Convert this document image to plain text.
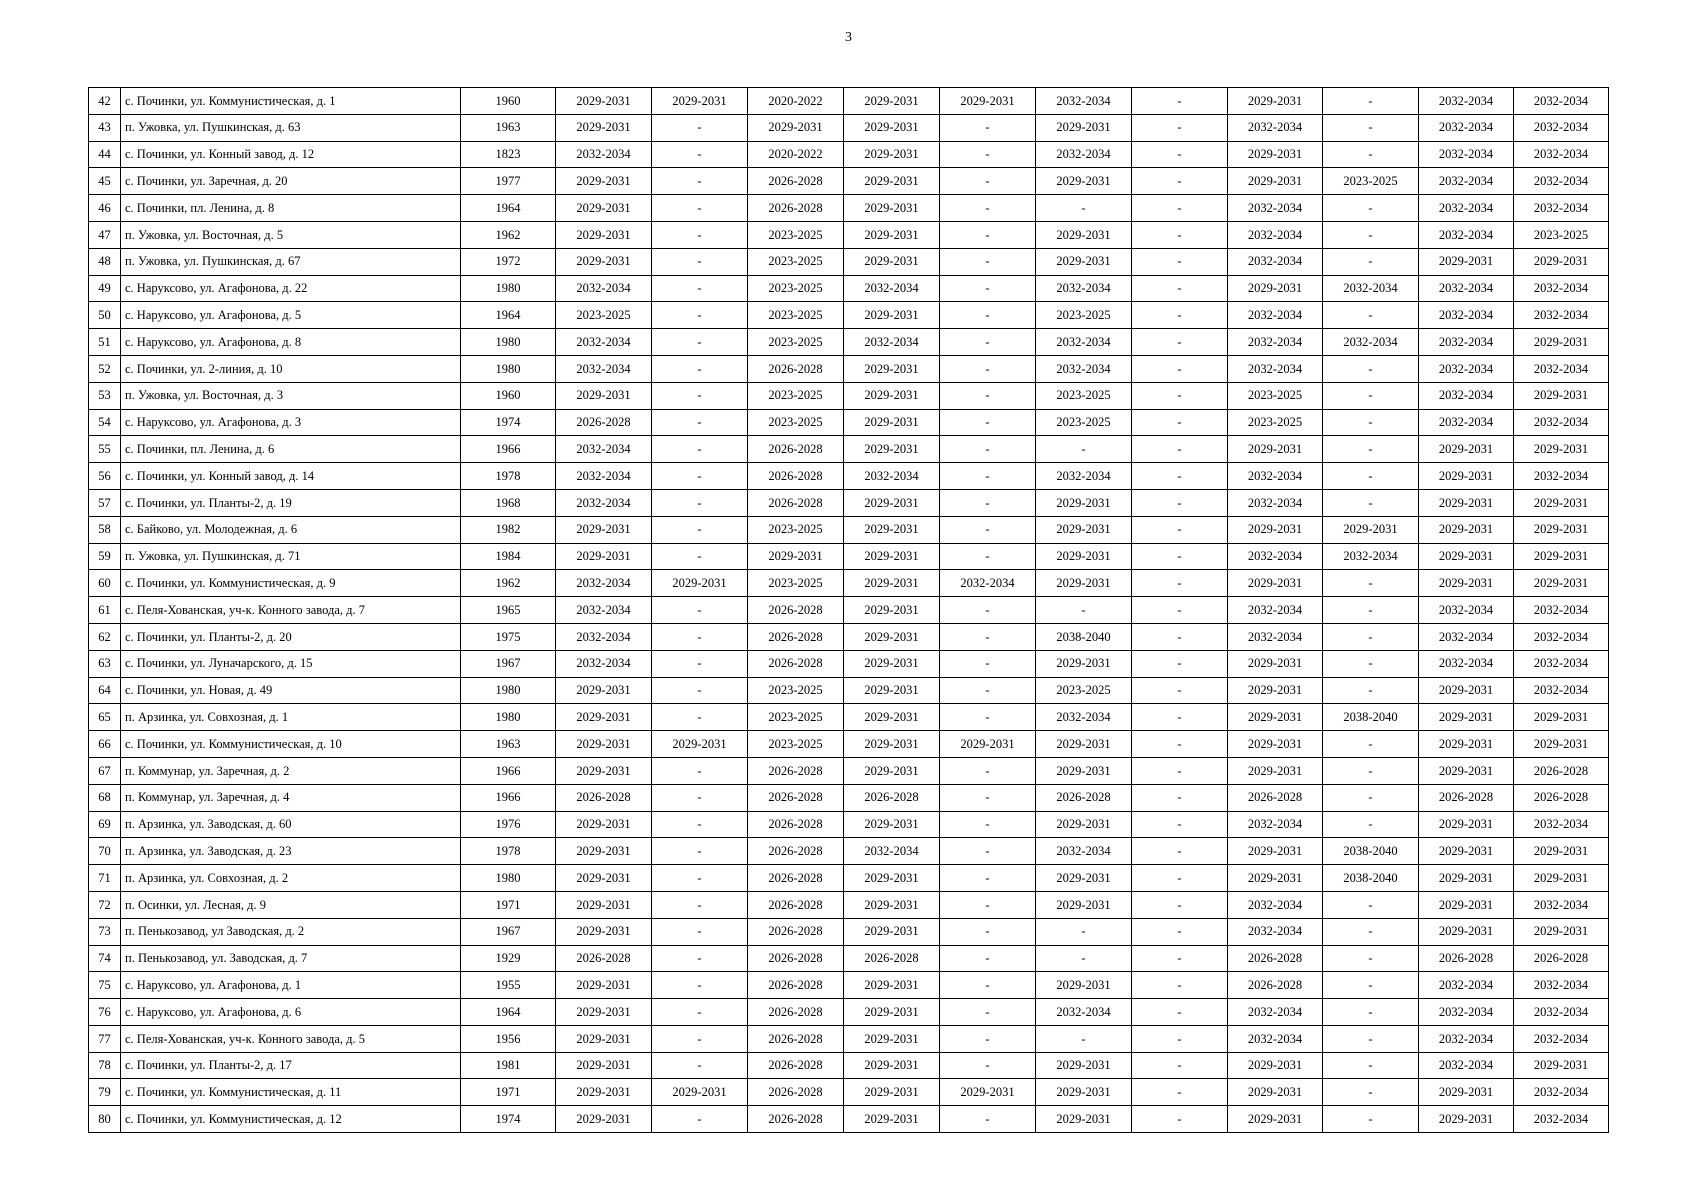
3
42	с. Починки, ул. Коммунистическая, д. 1	1960	2029-2031	2029-2031	2020-2022	2029-2031	2029-2031	2032-2034	-	2029-2031	-	2032-2034	2032-2034
43	п. Ужовка, ул. Пушкинская, д. 63	1963	2029-2031	-	2029-2031	2029-2031	-	2029-2031	-	2032-2034	-	2032-2034	2032-2034
44	с. Починки, ул. Конный завод, д. 12	1823	2032-2034	-	2020-2022	2029-2031	-	2032-2034	-	2029-2031	-	2032-2034	2032-2034
45	с. Починки, ул. Заречная, д. 20	1977	2029-2031	-	2026-2028	2029-2031	-	2029-2031	-	2029-2031	2023-2025	2032-2034	2032-2034
46	с. Починки, пл. Ленина, д. 8	1964	2029-2031	-	2026-2028	2029-2031	-	-	-	2032-2034	-	2032-2034	2032-2034
47	п. Ужовка, ул. Восточная, д. 5	1962	2029-2031	-	2023-2025	2029-2031	-	2029-2031	-	2032-2034	-	2032-2034	2023-2025
48	п. Ужовка, ул. Пушкинская, д. 67	1972	2029-2031	-	2023-2025	2029-2031	-	2029-2031	-	2032-2034	-	2029-2031	2029-2031
49	с. Наруксово, ул. Агафонова, д. 22	1980	2032-2034	-	2023-2025	2032-2034	-	2032-2034	-	2029-2031	2032-2034	2032-2034	2032-2034
50	с. Наруксово, ул. Агафонова, д. 5	1964	2023-2025	-	2023-2025	2029-2031	-	2023-2025	-	2032-2034	-	2032-2034	2032-2034
51	с. Наруксово, ул. Агафонова, д. 8	1980	2032-2034	-	2023-2025	2032-2034	-	2032-2034	-	2032-2034	2032-2034	2032-2034	2029-2031
52	с. Починки, ул. 2-линия, д. 10	1980	2032-2034	-	2026-2028	2029-2031	-	2032-2034	-	2032-2034	-	2032-2034	2032-2034
53	п. Ужовка, ул. Восточная, д. 3	1960	2029-2031	-	2023-2025	2029-2031	-	2023-2025	-	2023-2025	-	2032-2034	2029-2031
54	с. Наруксово, ул. Агафонова, д. 3	1974	2026-2028	-	2023-2025	2029-2031	-	2023-2025	-	2023-2025	-	2032-2034	2032-2034
55	с. Починки, пл. Ленина, д. 6	1966	2032-2034	-	2026-2028	2029-2031	-	-	-	2029-2031	-	2029-2031	2029-2031
56	с. Починки, ул. Конный завод, д. 14	1978	2032-2034	-	2026-2028	2032-2034	-	2032-2034	-	2032-2034	-	2029-2031	2032-2034
57	с. Починки, ул. Планты-2, д. 19	1968	2032-2034	-	2026-2028	2029-2031	-	2029-2031	-	2032-2034	-	2029-2031	2029-2031
58	с. Байково, ул. Молодежная, д. 6	1982	2029-2031	-	2023-2025	2029-2031	-	2029-2031	-	2029-2031	2029-2031	2029-2031	2029-2031
59	п. Ужовка, ул. Пушкинская, д. 71	1984	2029-2031	-	2029-2031	2029-2031	-	2029-2031	-	2032-2034	2032-2034	2029-2031	2029-2031
60	с. Починки, ул. Коммунистическая, д. 9	1962	2032-2034	2029-2031	2023-2025	2029-2031	2032-2034	2029-2031	-	2029-2031	-	2029-2031	2029-2031
61	с. Пеля-Хованская, уч-к. Конного завода, д. 7	1965	2032-2034	-	2026-2028	2029-2031	-	-	-	2032-2034	-	2032-2034	2032-2034
62	с. Починки, ул. Планты-2, д. 20	1975	2032-2034	-	2026-2028	2029-2031	-	2038-2040	-	2032-2034	-	2032-2034	2032-2034
63	с. Починки, ул. Луначарского, д. 15	1967	2032-2034	-	2026-2028	2029-2031	-	2029-2031	-	2029-2031	-	2032-2034	2032-2034
64	с. Починки, ул. Новая, д. 49	1980	2029-2031	-	2023-2025	2029-2031	-	2023-2025	-	2029-2031	-	2029-2031	2032-2034
65	п. Арзинка, ул. Совхозная, д. 1	1980	2029-2031	-	2023-2025	2029-2031	-	2032-2034	-	2029-2031	2038-2040	2029-2031	2029-2031
66	с. Починки, ул. Коммунистическая, д. 10	1963	2029-2031	2029-2031	2023-2025	2029-2031	2029-2031	2029-2031	-	2029-2031	-	2029-2031	2029-2031
67	п. Коммунар, ул. Заречная, д. 2	1966	2029-2031	-	2026-2028	2029-2031	-	2029-2031	-	2029-2031	-	2029-2031	2026-2028
68	п. Коммунар, ул. Заречная, д. 4	1966	2026-2028	-	2026-2028	2026-2028	-	2026-2028	-	2026-2028	-	2026-2028	2026-2028
69	п. Арзинка, ул. Заводская, д. 60	1976	2029-2031	-	2026-2028	2029-2031	-	2029-2031	-	2032-2034	-	2029-2031	2032-2034
70	п. Арзинка, ул. Заводская, д. 23	1978	2029-2031	-	2026-2028	2032-2034	-	2032-2034	-	2029-2031	2038-2040	2029-2031	2029-2031
71	п. Арзинка, ул. Совхозная, д. 2	1980	2029-2031	-	2026-2028	2029-2031	-	2029-2031	-	2029-2031	2038-2040	2029-2031	2029-2031
72	п. Осинки, ул. Лесная, д. 9	1971	2029-2031	-	2026-2028	2029-2031	-	2029-2031	-	2032-2034	-	2029-2031	2032-2034
73	п. Пенькозавод, ул Заводская, д. 2	1967	2029-2031	-	2026-2028	2029-2031	-	-	-	2032-2034	-	2029-2031	2029-2031
74	п. Пенькозавод, ул. Заводская, д. 7	1929	2026-2028	-	2026-2028	2026-2028	-	-	-	2026-2028	-	2026-2028	2026-2028
75	с. Наруксово, ул. Агафонова, д. 1	1955	2029-2031	-	2026-2028	2029-2031	-	2029-2031	-	2026-2028	-	2032-2034	2032-2034
76	с. Наруксово, ул. Агафонова, д. 6	1964	2029-2031	-	2026-2028	2029-2031	-	2032-2034	-	2032-2034	-	2032-2034	2032-2034
77	с. Пеля-Хованская, уч-к. Конного завода, д. 5	1956	2029-2031	-	2026-2028	2029-2031	-	-	-	2032-2034	-	2032-2034	2032-2034
78	с. Починки, ул. Планты-2, д. 17	1981	2029-2031	-	2026-2028	2029-2031	-	2029-2031	-	2029-2031	-	2032-2034	2029-2031
79	с. Починки, ул. Коммунистическая, д. 11	1971	2029-2031	2029-2031	2026-2028	2029-2031	2029-2031	2029-2031	-	2029-2031	-	2029-2031	2032-2034
80	с. Починки, ул. Коммунистическая, д. 12	1974	2029-2031	-	2026-2028	2029-2031	-	2029-2031	-	2029-2031	-	2029-2031	2032-2034
